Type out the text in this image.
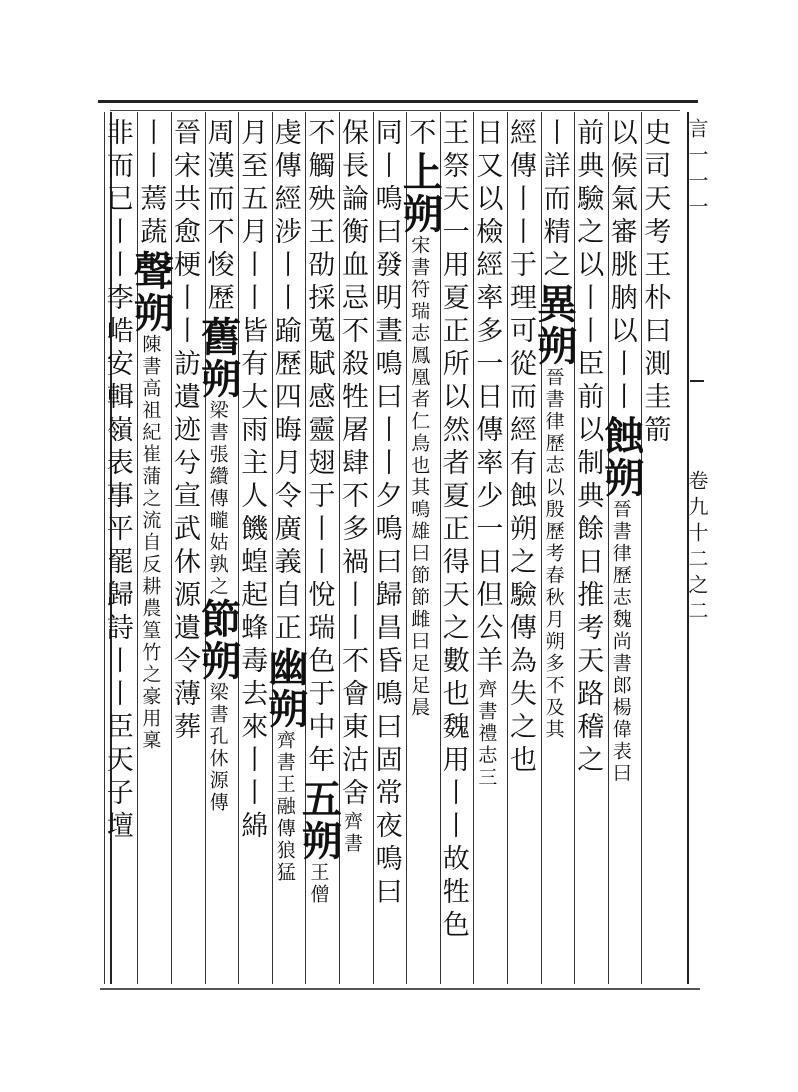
言一一一
卷九十二之二
史司天考王朴曰測圭箭
以候氣審朓朒以丨丨蝕朔晉書律歷志魏尚書郎楊偉表曰
前典驗之以丨丨臣前以制典餘日推考天路稽之
丨詳而精之異朔晉書律歷志以殷歷考春秋月朔多不及其
經傳丨丨于理可從而經有蝕朔之驗傳為失之也
日又以檢經率多一日傳率少一日但公羊齊書禮志三
王祭天一用夏正所以然者夏正得天之數也魏用丨丨故牲色
不上朔宋書符瑞志鳳凰者仁鳥也其鳴雄曰節節雌曰足足晨
同丨鳴曰發明晝鳴曰丨丨夕鳴曰歸昌昏鳴曰固常夜鳴曰
保長論衡血忌不殺牲屠肆不多禍丨丨不會東沽舍齊書
不觸殃王劭採蒐賦感靈翅于丨丨悅瑞色于中年五朔王僧
虔傳經涉丨丨踰歷四晦月令廣義自正幽朔齊書王融傳狼猛
月至五月丨丨皆有大雨主人饑蝗起蜂毒去來丨丨綿
周漢而不悛歷舊朔梁書張纘傳曨姑孰之節朔梁書孔休源傳
晉宋共愈梗丨丨訪遺迹兮宣武休源遺令薄葬
丨丨蔫蔬聲朔陳書高祖紀崔蒲之流自反耕農篁竹之豪用稟
非而已丨丨李峼安輯嶺表事平罷歸詩丨丨臣天子壇
